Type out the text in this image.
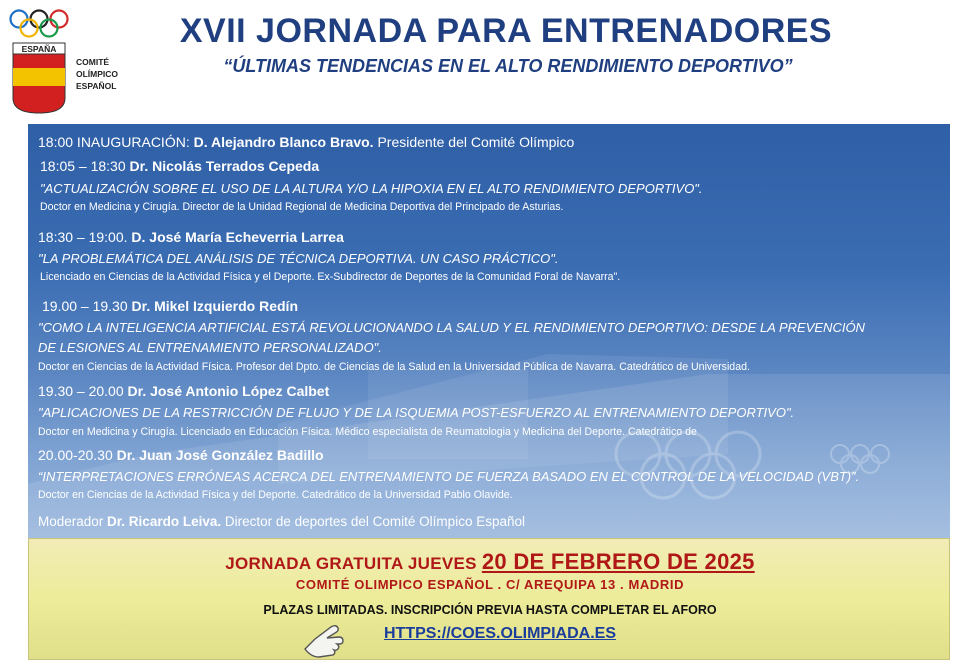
ESPAÑA
COMITÉ
OLÍMPICO
ESPAÑOL
XVII JORNADA PARA ENTRENADORES
“ÚLTIMAS TENDENCIAS EN EL ALTO RENDIMIENTO DEPORTIVO”
18:00 INAUGURACIÓN: D. Alejandro Blanco Bravo. Presidente del Comité Olímpico
18:05 – 18:30 Dr. Nicolás Terrados Cepeda
"ACTUALIZACIÓN SOBRE EL USO DE LA ALTURA Y/O LA HIPOXIA EN EL ALTO RENDIMIENTO DEPORTIVO".
Doctor en Medicina y Cirugía. Director de la Unidad Regional de Medicina Deportiva del Principado de Asturias.
18:30 – 19:00. D. José María Echeverria Larrea
"LA PROBLEMÁTICA DEL ANÁLISIS DE TÉCNICA DEPORTIVA. UN CASO PRÁCTICO".
Licenciado en Ciencias de la Actividad Física y el Deporte. Ex-Subdirector de Deportes de la Comunidad Foral de Navarra".
19.00 – 19.30 Dr. Mikel Izquierdo Redín
"COMO LA INTELIGENCIA ARTIFICIAL ESTÁ REVOLUCIONANDO LA SALUD Y EL RENDIMIENTO DEPORTIVO: DESDE LA PREVENCIÓN
DE LESIONES AL ENTRENAMIENTO PERSONALIZADO".
Doctor en Ciencias de la Actividad Física. Profesor del Dpto. de Ciencias de la Salud en la Universidad Pública de Navarra. Catedrático de Universidad.
19.30 – 20.00 Dr. José Antonio López Calbet
"APLICACIONES DE LA RESTRICCIÓN DE FLUJO Y DE LA ISQUEMIA POST-ESFUERZO AL ENTRENAMIENTO DEPORTIVO".
Doctor en Medicina y Cirugía. Licenciado en Educación Física. Médico especialista de Reumatologia y Medicina del Deporte. Catedrático de
20.00-20.30 Dr. Juan José González Badillo
“INTERPRETACIONES ERRÓNEAS ACERCA DEL ENTRENAMIENTO DE FUERZA BASADO EN EL CONTROL DE LA VELOCIDAD (VBT)”.
Doctor en Ciencias de la Actividad Física y del Deporte. Catedrático de la Universidad Pablo Olavide.
Moderador Dr. Ricardo Leiva. Director de deportes del Comité Olímpico Español
JORNADA GRATUITA JUEVES 20 DE FEBRERO DE 2025
COMITÉ OLIMPICO ESPAÑOL . C/ AREQUIPA 13 . MADRID
PLAZAS LIMITADAS. INSCRIPCIÓN PREVIA HASTA COMPLETAR EL AFORO
HTTPS://COES.OLIMPIADA.ES
